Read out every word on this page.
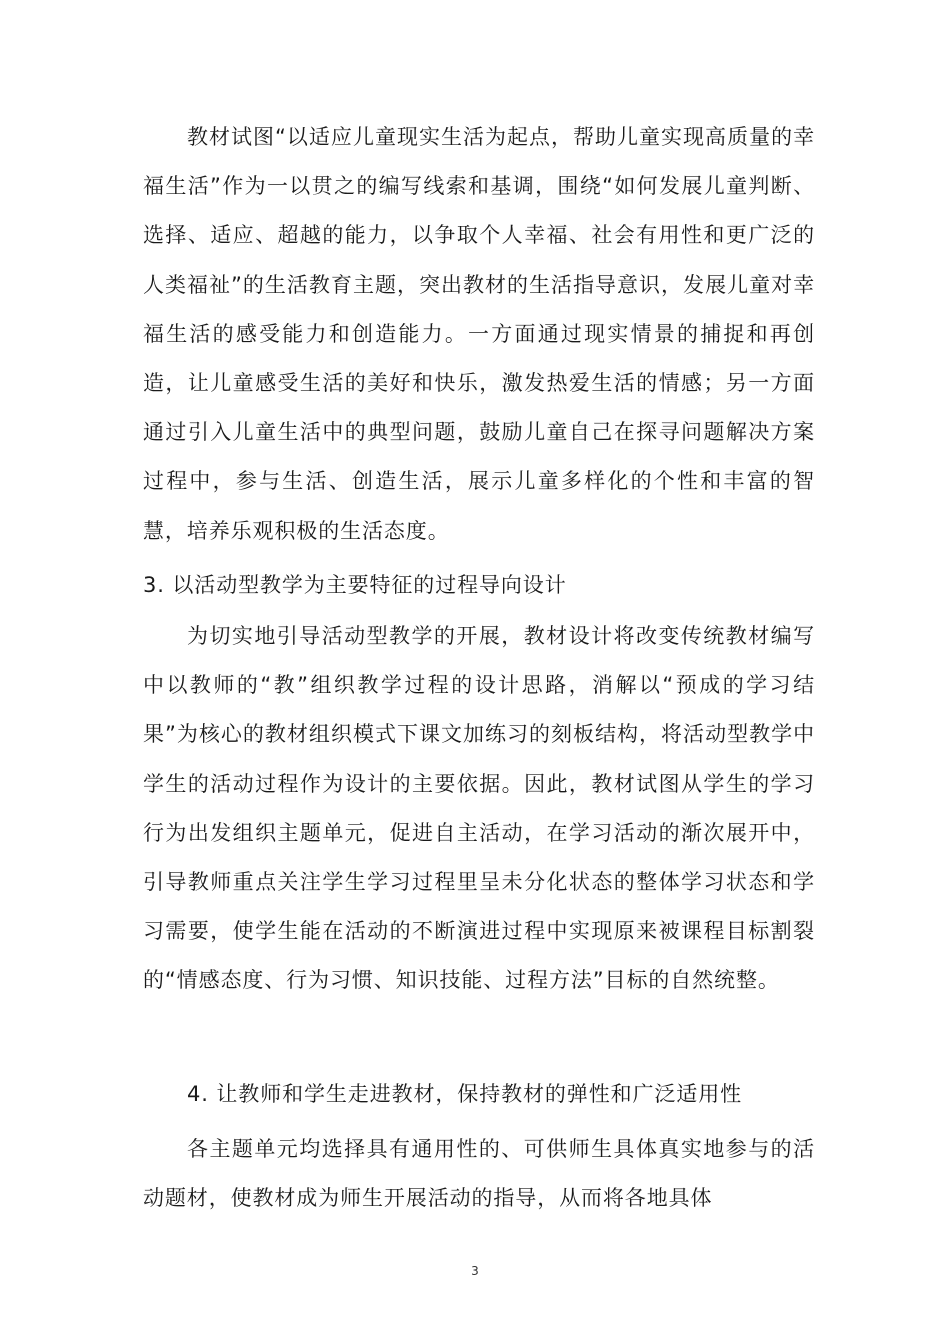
教材试图“以适应儿童现实生活为起点，帮助儿童实现高质量的幸福生活”作为一以贯之的编写线索和基调，围绕“如何发展儿童判断、选择、适应、超越的能力，以争取个人幸福、社会有用性和更广泛的人类福祉”的生活教育主题，突出教材的生活指导意识，发展儿童对幸福生活的感受能力和创造能力。一方面通过现实情景的捕捉和再创造，让儿童感受生活的美好和快乐，激发热爱生活的情感；另一方面通过引入儿童生活中的典型问题，鼓励儿童自己在探寻问题解决方案过程中，参与生活、创造生活，展示儿童多样化的个性和丰富的智慧，培养乐观积极的生活态度。

3. 以活动型教学为主要特征的过程导向设计

为切实地引导活动型教学的开展，教材设计将改变传统教材编写中以教师的“教”组织教学过程的设计思路，消解以“预成的学习结果”为核心的教材组织模式下课文加练习的刻板结构，将活动型教学中学生的活动过程作为设计的主要依据。因此，教材试图从学生的学习行为出发组织主题单元，促进自主活动，在学习活动的渐次展开中，引导教师重点关注学生学习过程里呈未分化状态的整体学习状态和学习需要，使学生能在活动的不断演进过程中实现原来被课程目标割裂的“情感态度、行为习惯、知识技能、过程方法”目标的自然统整。

4. 让教师和学生走进教材，保持教材的弹性和广泛适用性

各主题单元均选择具有通用性的、可供师生具体真实地参与的活动题材，使教材成为师生开展活动的指导，从而将各地具体

3
